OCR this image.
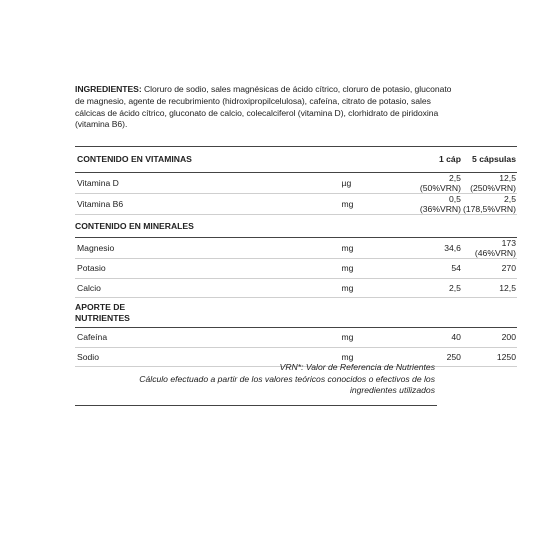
INGREDIENTES: Cloruro de sodio, sales magnésicas de ácido cítrico, cloruro de potasio, gluconato de magnesio, agente de recubrimiento (hidroxipropilcelulosa), cafeína, citrato de potasio, sales cálcicas de ácido cítrico, gluconato de calcio, colecalciferol (vitamina D), clorhidrato de piridoxina (vitamina B6).
CONTENIDO EN VITAMINAS		1 cáp	5 cápsulas
Vitamina D	µg	2,5 (50%VRN)	12,5 (250%VRN)
Vitamina B6	mg	0,5 (36%VRN)	2,5 (178,5%VRN)
CONTENIDO EN MINERALES			
Magnesio	mg	34,6	173 (46%VRN)
Potasio	mg	54	270
Calcio	mg	2,5	12,5
APORTE DE NUTRIENTES			
Cafeína	mg	40	200
Sodio	mg	250	1250
VRN*: Valor de Referencia de Nutrientes
Cálculo efectuado a partir de los valores teóricos conocidos o efectivos de los ingredientes utilizados
